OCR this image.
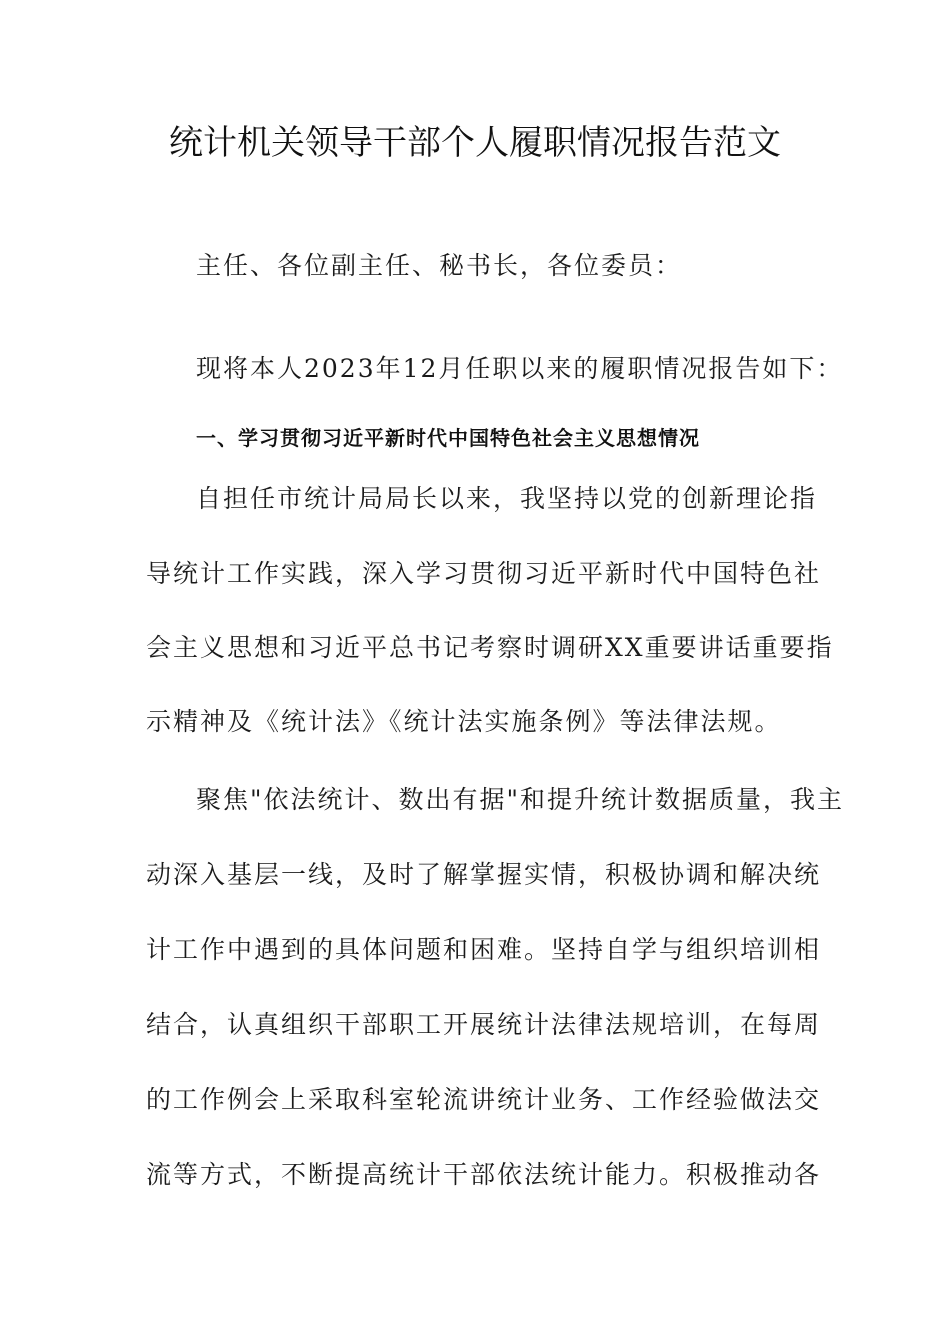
统计机关领导干部个人履职情况报告范文
主任、各位副主任、秘书长，各位委员：
现将本人2023年12月任职以来的履职情况报告如下：
一、学习贯彻习近平新时代中国特色社会主义思想情况
自担任市统计局局长以来，我坚持以党的创新理论指
导统计工作实践，深入学习贯彻习近平新时代中国特色社
会主义思想和习近平总书记考察时调研XX重要讲话重要指
示精神及《统计法》《统计法实施条例》等法律法规。
聚焦"依法统计、数出有据"和提升统计数据质量，我主
动深入基层一线，及时了解掌握实情，积极协调和解决统
计工作中遇到的具体问题和困难。坚持自学与组织培训相
结合，认真组织干部职工开展统计法律法规培训，在每周
的工作例会上采取科室轮流讲统计业务、工作经验做法交
流等方式，不断提高统计干部依法统计能力。积极推动各
